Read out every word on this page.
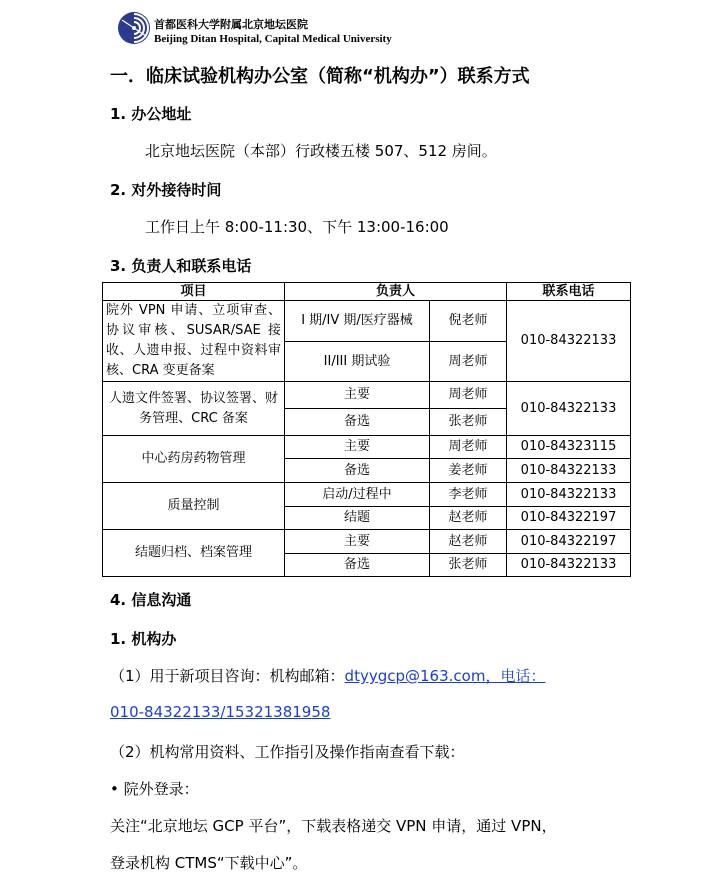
首都医科大学附属北京地坛医院
Beijing Ditan Hospital, Capital Medical University
一．临床试验机构办公室（简称“机构办”）联系方式
1. 办公地址
北京地坛医院（本部）行政楼五楼 507、512 房间。
2. 对外接待时间
工作日上午 8:00-11:30、下午 13:00-16:00
3. 负责人和联系电话
项目	负责人		联系电话
院外 VPN 申请、立项审查、协议审核、SUSAR/SAE 接收、人遗申报、过程中资料审核、CRA 变更备案	I 期/IV 期/医疗器械	倪老师	010-84322133
	II/III 期试验	周老师	
人遗文件签署、协议签署、财务管理、CRC 备案	主要	周老师	010-84322133
	备选	张老师	
中心药房药物管理	主要	周老师	010-84323115
	备选	姜老师	010-84322133
质量控制	启动/过程中	李老师	010-84322133
	结题	赵老师	010-84322197
结题归档、档案管理	主要	赵老师	010-84322197
	备选	张老师	010-84322133
4. 信息沟通
1. 机构办
（1）用于新项目咨询：机构邮箱：dtyygcp@163.com，电话：
010-84322133/15321381958
（2）机构常用资料、工作指引及操作指南查看下载：
• 院外登录：
关注“北京地坛 GCP 平台”，下载表格递交 VPN 申请，通过 VPN，
登录机构 CTMS“下载中心”。
